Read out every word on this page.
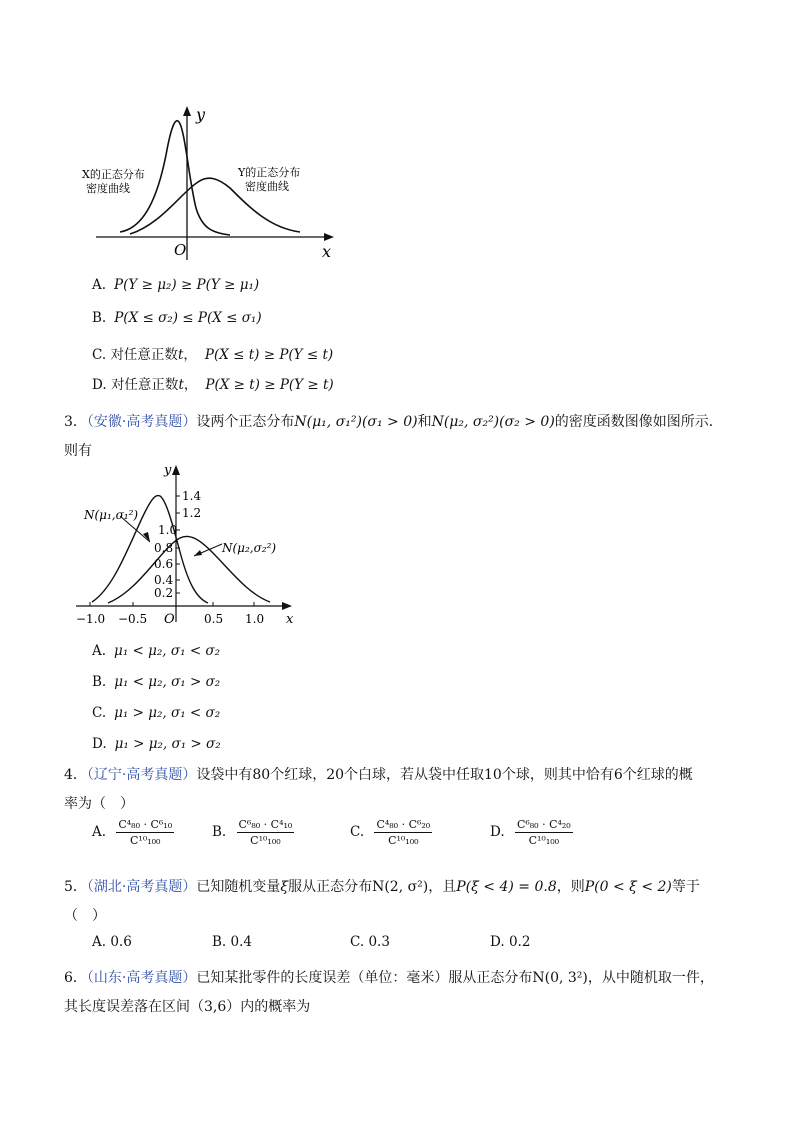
y
x
O
X的正态分布
密度曲线
Y的正态分布
密度曲线
A. P(Y ≥ μ₂) ≥ P(Y ≥ μ₁)
B. P(X ≤ σ₂) ≤ P(X ≤ σ₁)
C. 对任意正数t， P(X ≤ t) ≥ P(Y ≤ t)
D. 对任意正数t， P(X ≥ t) ≥ P(Y ≥ t)
3．（安徽·高考真题）设两个正态分布N(μ₁, σ₁²)(σ₁ > 0)和N(μ₂, σ₂²)(σ₂ > 0)的密度函数图像如图所示．
则有
y
x
O
N(μ₁,σ₁²)
N(μ₂,σ₂²)
1.4
1.2
1.0
0.8
0.6
0.4
0.2
−1.0 −0.5	0.5 1.0
A. μ₁ < μ₂, σ₁ < σ₂
B. μ₁ < μ₂, σ₁ > σ₂
C. μ₁ > μ₂, σ₁ < σ₂
D. μ₁ > μ₂, σ₁ > σ₂
4．（辽宁·高考真题）设袋中有80个红球，20个白球，若从袋中任取10个球，则其中恰有6个红球的概
率为（　）
A. $\frac{\text{C⁴₈₀ · C⁶₁₀}}{\text{C¹⁰₁₀₀}}$	B. $\frac{\text{C⁶₈₀ · C⁴₁₀}}{\text{C¹⁰₁₀₀}}$	C. $\frac{\text{C⁴₈₀ · C⁶₂₀}}{\text{C¹⁰₁₀₀}}$	D. $\frac{\text{C⁶₈₀ · C⁴₂₀}}{\text{C¹⁰₁₀₀}}$
5．（湖北·高考真题）已知随机变量ξ服从正态分布N(2, σ²)，且P(ξ < 4) = 0.8，则P(0 < ξ < 2)等于
（　）
A. 0.6	B. 0.4	C. 0.3	D. 0.2
6．（山东·高考真题）已知某批零件的长度误差（单位：毫米）服从正态分布N(0, 3²)，从中随机取一件，
其长度误差落在区间（3,6）内的概率为
